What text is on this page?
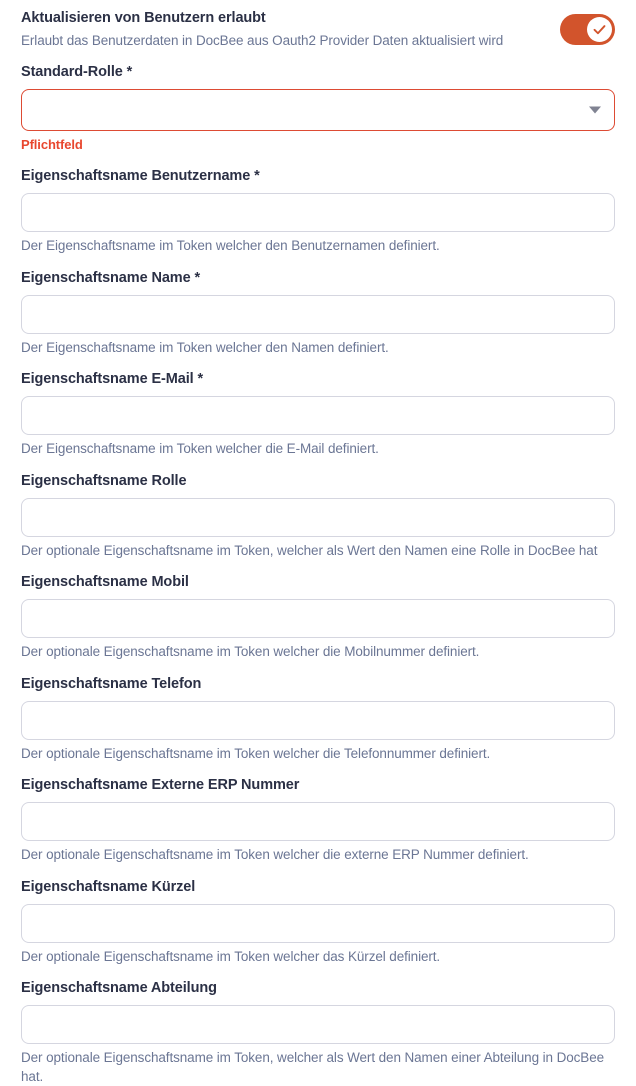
Aktualisieren von Benutzern erlaubt
Erlaubt das Benutzerdaten in DocBee aus Oauth2 Provider Daten aktualisiert wird
Standard-Rolle *
Pflichtfeld
Eigenschaftsname Benutzername *
Der Eigenschaftsname im Token welcher den Benutzernamen definiert.
Eigenschaftsname Name *
Der Eigenschaftsname im Token welcher den Namen definiert.
Eigenschaftsname E-Mail *
Der Eigenschaftsname im Token welcher die E-Mail definiert.
Eigenschaftsname Rolle
Der optionale Eigenschaftsname im Token, welcher als Wert den Namen eine Rolle in DocBee hat
Eigenschaftsname Mobil
Der optionale Eigenschaftsname im Token welcher die Mobilnummer definiert.
Eigenschaftsname Telefon
Der optionale Eigenschaftsname im Token welcher die Telefonnummer definiert.
Eigenschaftsname Externe ERP Nummer
Der optionale Eigenschaftsname im Token welcher die externe ERP Nummer definiert.
Eigenschaftsname Kürzel
Der optionale Eigenschaftsname im Token welcher das Kürzel definiert.
Eigenschaftsname Abteilung
Der optionale Eigenschaftsname im Token, welcher als Wert den Namen einer Abteilung in DocBee hat.
